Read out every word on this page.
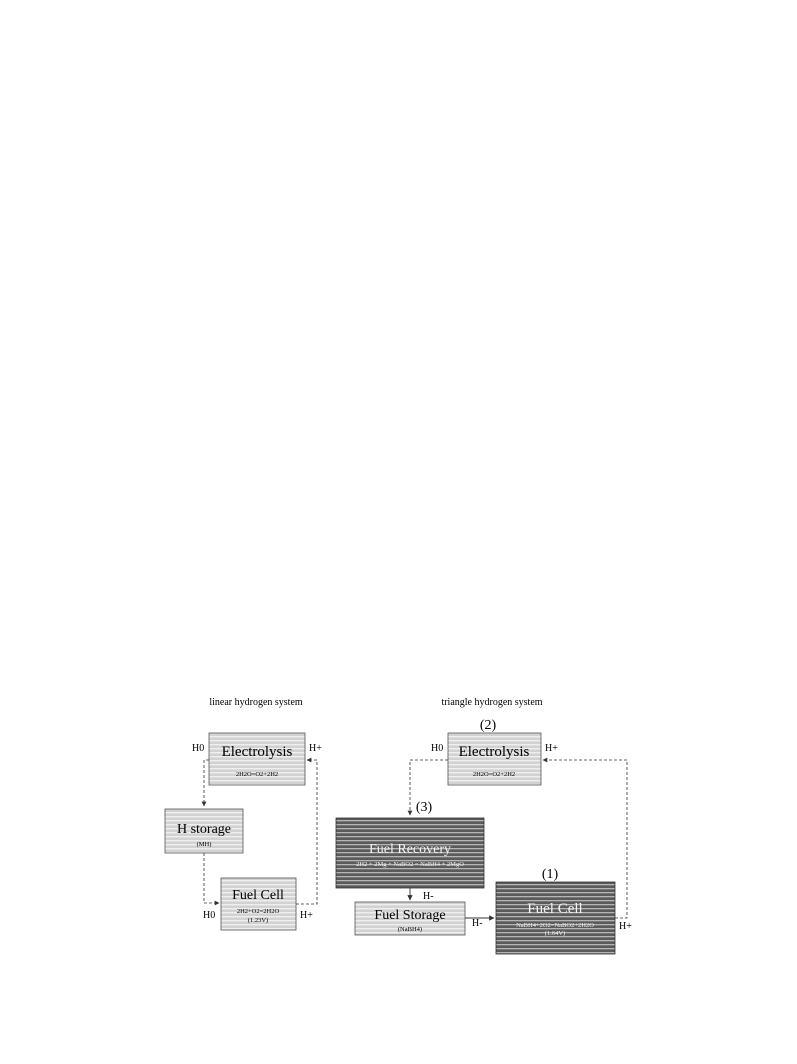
linear hydrogen system
Electrolysis
2H2O=O2+2H2
H0	H+
H storage
(MH)
Fuel Cell
2H2+O2=2H2O
(1.23V)
H0	H+
triangle hydrogen system
(2)
Electrolysis
2H2O=O2+2H2
H0	H+
(3)
Fuel Recovery
2H2 + 2Mg + NaBO2 = NaBH4 + 2MgO
H-
Fuel Storage
(NaBH4)
H-
(1)
Fuel Cell
NaBH4+2O2=NaBO2+2H2O
(1.64V)
H+
